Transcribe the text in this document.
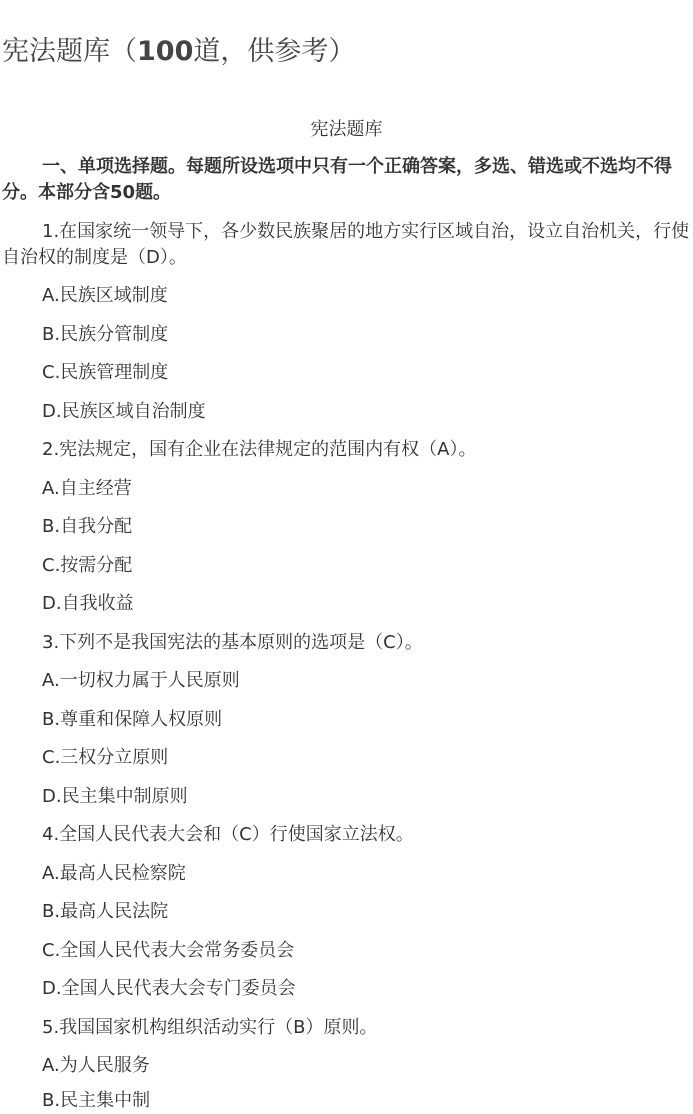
宪法题库（100道，供参考）
宪法题库
一、单项选择题。每题所设选项中只有一个正确答案，多选、错选或不选均不得分。本部分含50题。
1.在国家统一领导下，各少数民族聚居的地方实行区域自治，设立自治机关，行使自治权的制度是（D）。
A.民族区域制度
B.民族分管制度
C.民族管理制度
D.民族区域自治制度
2.宪法规定，国有企业在法律规定的范围内有权（A）。
A.自主经营
B.自我分配
C.按需分配
D.自我收益
3.下列不是我国宪法的基本原则的选项是（C）。
A.一切权力属于人民原则
B.尊重和保障人权原则
C.三权分立原则
D.民主集中制原则
4.全国人民代表大会和（C）行使国家立法权。
A.最高人民检察院
B.最高人民法院
C.全国人民代表大会常务委员会
D.全国人民代表大会专门委员会
5.我国国家机构组织活动实行（B）原则。
A.为人民服务
B.民主集中制
